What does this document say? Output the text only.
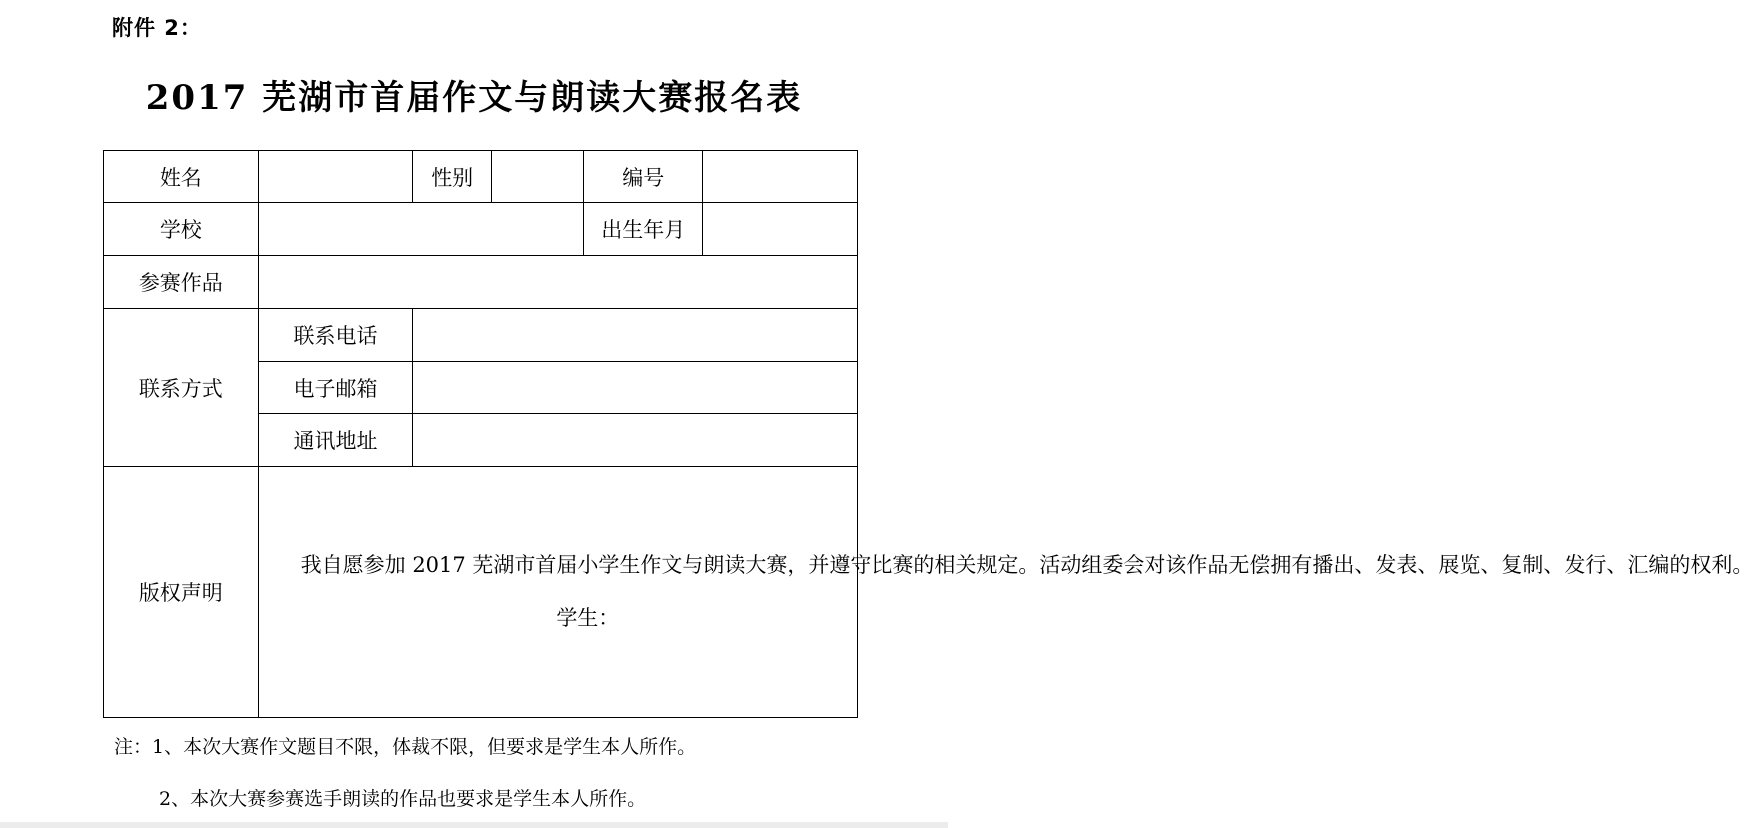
附件 2：
2017 芜湖市首届作文与朗读大赛报名表
姓名		性别		编号	
学校				出生年月	
参赛作品					
联系方式	联系电话				
	电子邮箱				
	通讯地址				
版权声明	我自愿参加 2017 芜湖市首届小学生作文与朗读大赛，并遵守比赛的相关规定。活动组委会对该作品无偿拥有播出、发表、展览、复制、发行、汇编的权利。
学生：				
注：1、本次大赛作文题目不限，体裁不限，但要求是学生本人所作。
2、本次大赛参赛选手朗读的作品也要求是学生本人所作。
